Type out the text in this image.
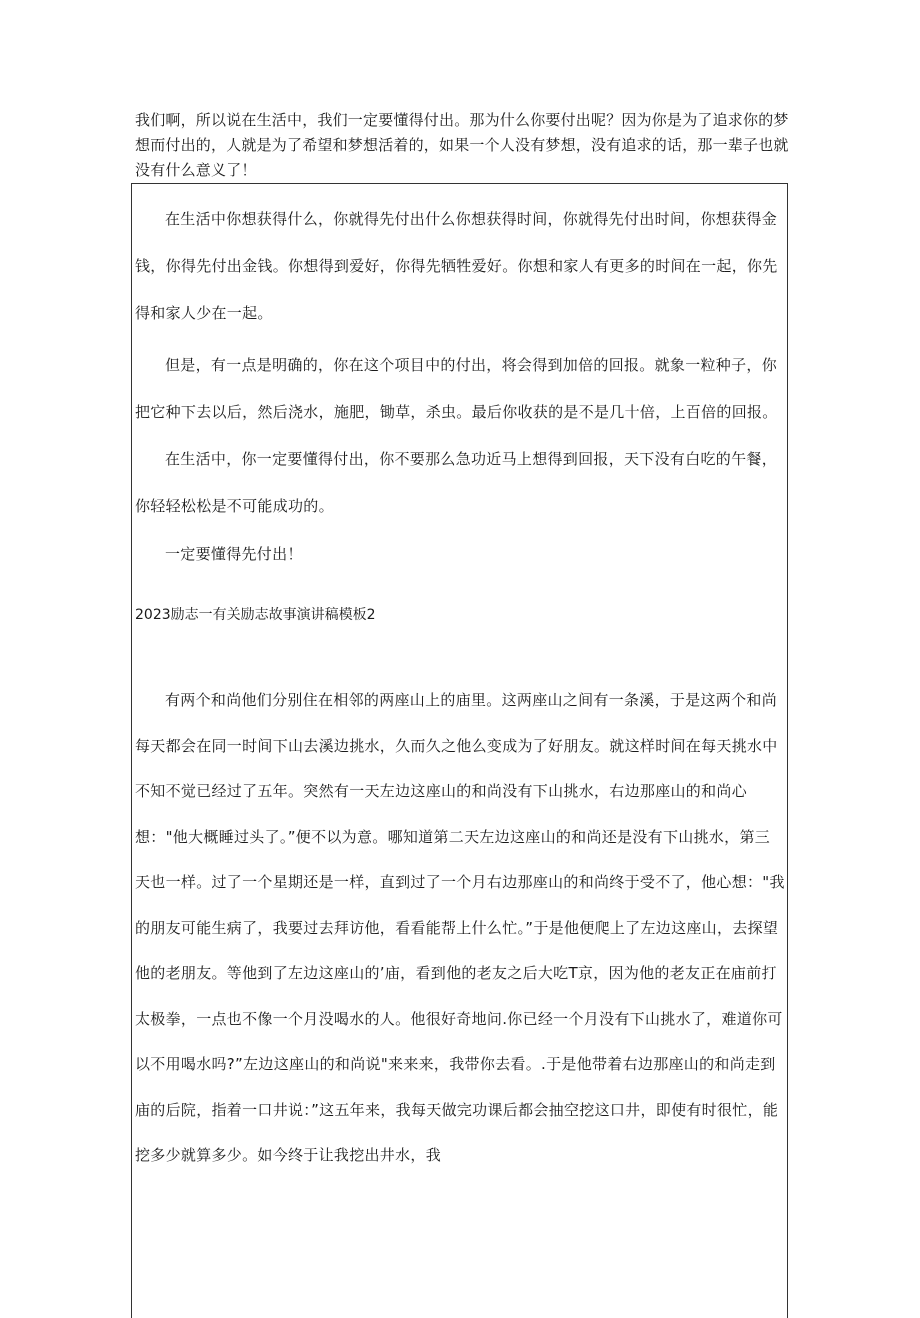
我们啊，所以说在生活中，我们一定要懂得付出。那为什么你要付出呢？因为你是为了追求你的梦想而付出的，人就是为了希望和梦想活着的，如果一个人没有梦想，没有追求的话，那一辈子也就没有什么意义了！

在生活中你想获得什么，你就得先付出什么你想获得时间，你就得先付出时间，你想获得金钱，你得先付出金钱。你想得到爱好，你得先牺牲爱好。你想和家人有更多的时间在一起，你先得和家人少在一起。

但是，有一点是明确的，你在这个项目中的付出，将会得到加倍的回报。就象一粒种子，你把它种下去以后，然后浇水，施肥，锄草，杀虫。最后你收获的是不是几十倍，上百倍的回报。

在生活中，你一定要懂得付出，你不要那么急功近马上想得到回报，天下没有白吃的午餐，你轻轻松松是不可能成功的。

一定要懂得先付出！

2023励志一有关励志故事演讲稿模板2

有两个和尚他们分别住在相邻的两座山上的庙里。这两座山之间有一条溪，于是这两个和尚每天都会在同一时间下山去溪边挑水，久而久之他么变成为了好朋友。就这样时间在每天挑水中不知不觉已经过了五年。突然有一天左边这座山的和尚没有下山挑水，右边那座山的和尚心想："他大概睡过头了。”便不以为意。哪知道第二天左边这座山的和尚还是没有下山挑水，第三天也一样。过了一个星期还是一样，直到过了一个月右边那座山的和尚终于受不了，他心想："我的朋友可能生病了，我要过去拜访他，看看能帮上什么忙。”于是他便爬上了左边这座山，去探望他的老朋友。等他到了左边这座山的’庙，看到他的老友之后大吃T京，因为他的老友正在庙前打太极拳，一点也不像一个月没喝水的人。他很好奇地问.你已经一个月没有下山挑水了，难道你可以不用喝水吗?”左边这座山的和尚说"来来来，我带你去看。.于是他带着右边那座山的和尚走到庙的后院，指着一口井说：”这五年来，我每天做完功课后都会抽空挖这口井，即使有时很忙，能挖多少就算多少。如今终于让我挖出井水，我
